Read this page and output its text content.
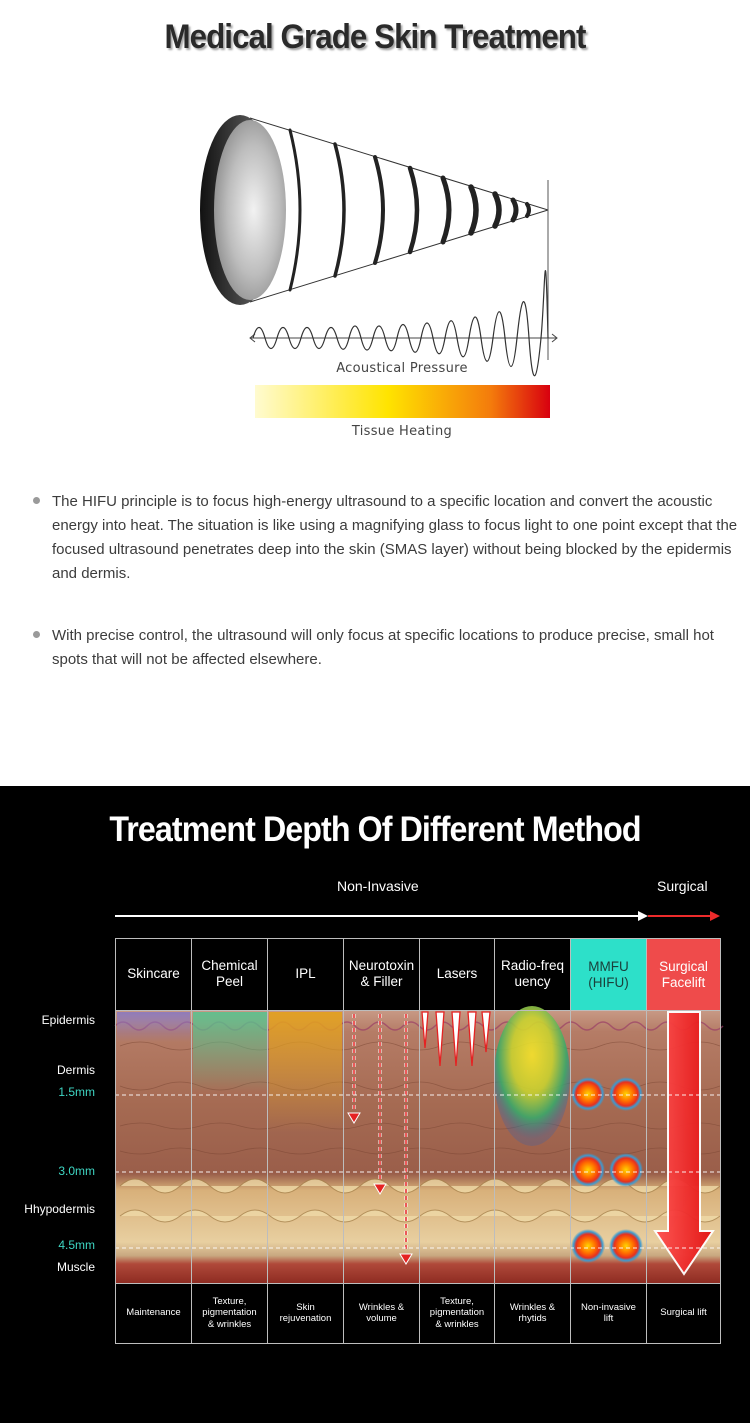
Medical Grade Skin Treatment
Acoustical Pressure
Tissue Heating
The HIFU principle is to focus high-energy ultrasound to a specific location and convert the acoustic energy into heat. The situation is like using a magnifying glass to focus light to one point except that the focused ultrasound penetrates deep into the skin (SMAS layer) without being blocked by the epidermis and dermis.
With precise control, the ultrasound will only focus at specific locations to produce precise, small hot spots that will not be affected elsewhere.
Treatment Depth Of Different Method
Non-Invasive	Surgical
Epidermis
Dermis
1.5mm
3.0mm
Hhypodermis
4.5mm
Muscle
Skincare
Chemical Peel
IPL
Neurotoxin & Filler
Lasers
Radio-frequency
MMFU (HIFU)
Surgical Facelift
Maintenance
Texture, pigmentation & wrinkles
Skin rejuvenation
Wrinkles & volume
Texture, pigmentation & wrinkles
Wrinkles & rhytids
Non-invasive lift
Surgical lift
